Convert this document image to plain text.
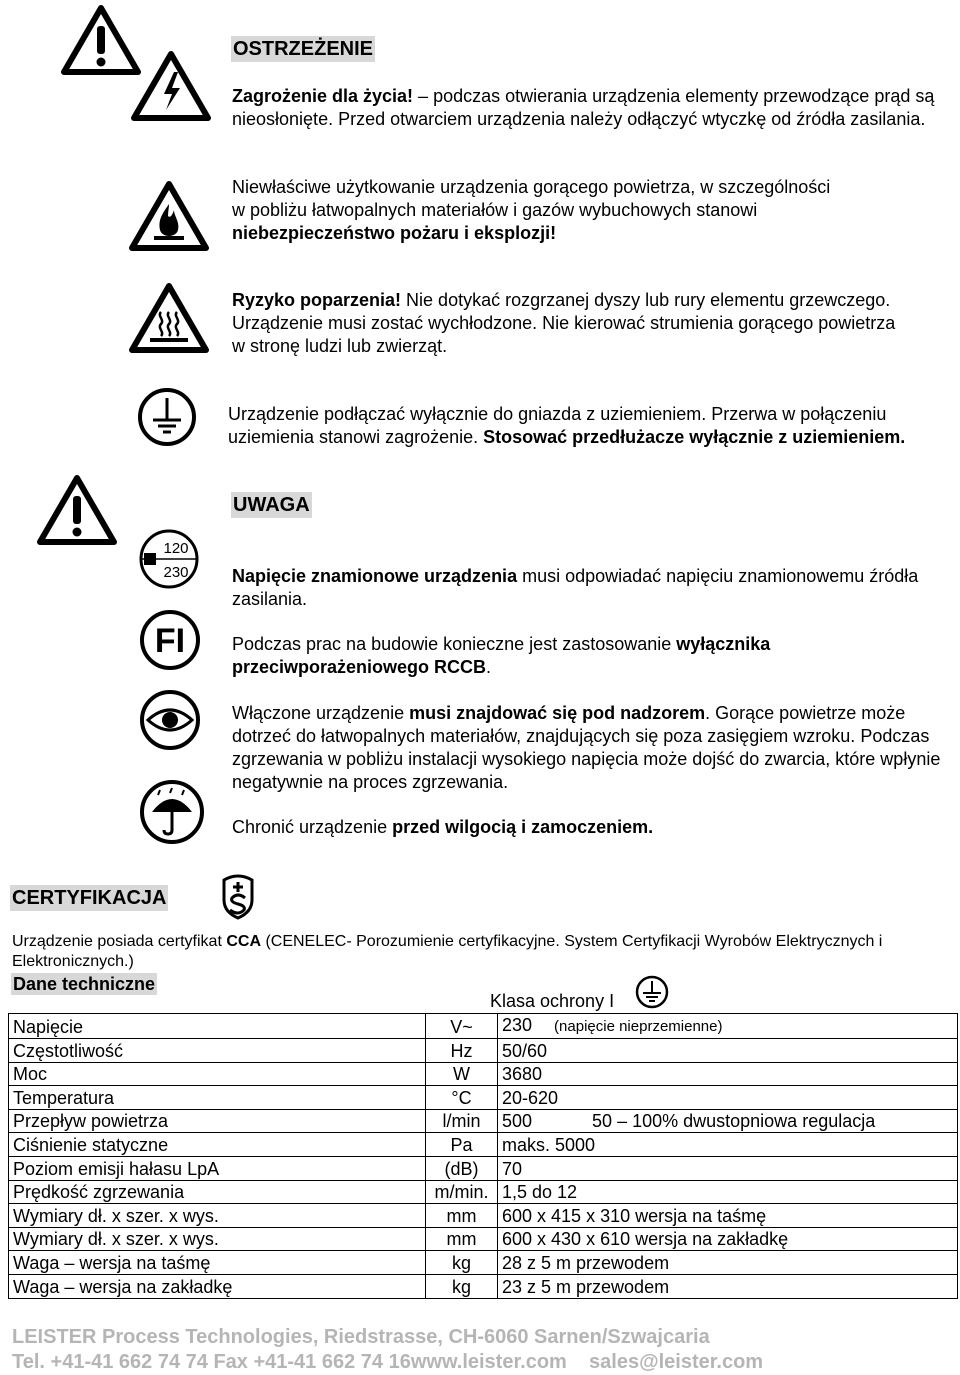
120
230
FI
OSTRZEŻENIE
Zagrożenie dla życia! – podczas otwierania urządzenia elementy przewodzące prąd są nieosłonięte. Przed otwarciem urządzenia należy odłączyć wtyczkę od źródła zasilania.
Niewłaściwe użytkowanie urządzenia gorącego powietrza, w szczególności w pobliżu łatwopalnych materiałów i gazów wybuchowych stanowi niebezpieczeństwo pożaru i eksplozji!
Ryzyko poparzenia! Nie dotykać rozgrzanej dyszy lub rury elementu grzewczego. Urządzenie musi zostać wychłodzone. Nie kierować strumienia gorącego powietrza w stronę ludzi lub zwierząt.
Urządzenie podłączać wyłącznie do gniazda z uziemieniem. Przerwa w połączeniu uziemienia stanowi zagrożenie. Stosować przedłużacze wyłącznie z uziemieniem.
UWAGA
Napięcie znamionowe urządzenia musi odpowiadać napięciu znamionowemu źródła zasilania.
Podczas prac na budowie konieczne jest zastosowanie wyłącznika przeciwporażeniowego RCCB.
Włączone urządzenie musi znajdować się pod nadzorem. Gorące powietrze może dotrzeć do łatwopalnych materiałów, znajdujących się poza zasięgiem wzroku. Podczas zgrzewania w pobliżu instalacji wysokiego napięcia może dojść do zwarcia, które wpłynie negatywnie na proces zgrzewania.
Chronić urządzenie przed wilgocią i zamoczeniem.
CERTYFIKACJA
Urządzenie posiada certyfikat CCA (CENELEC- Porozumienie certyfikacyjne. System Certyfikacji Wyrobów Elektrycznych i Elektronicznych.)
Dane techniczne
Klasa ochrony I
Napięcie	V~	230 (napięcie nieprzemienne)
Częstotliwość	Hz	50/60
Moc	W	3680
Temperatura	°C	20-620
Przepływ powietrza	l/min	500 50 – 100% dwustopniowa regulacja
Ciśnienie statyczne	Pa	maks. 5000
Poziom emisji hałasu LpA	(dB)	70
Prędkość zgrzewania	m/min.	1,5 do 12
Wymiary dł. x szer. x wys.	mm	600 x 415 x 310 wersja na taśmę
Wymiary dł. x szer. x wys.	mm	600 x 430 x 610 wersja na zakładkę
Waga – wersja na taśmę	kg	28 z 5 m przewodem
Waga – wersja na zakładkę	kg	23 z 5 m przewodem
LEISTER Process Technologies, Riedstrasse, CH-6060 Sarnen/Szwajcaria
Tel. +41-41 662 74 74 Fax +41-41 662 74 16www.leister.com    sales@leister.com
